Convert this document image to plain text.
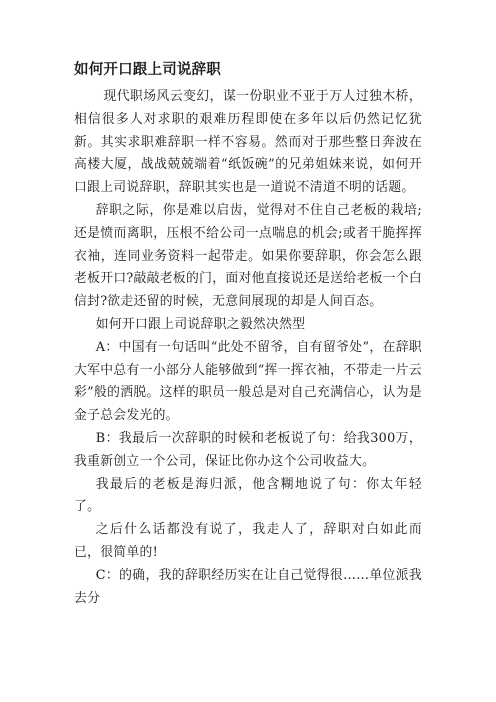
如何开口跟上司说辞职

现代职场风云变幻，谋一份职业不亚于万人过独木桥，相信很多人对求职的艰难历程即使在多年以后仍然记忆犹新。其实求职难辞职一样不容易。然而对于那些整日奔波在高楼大厦，战战兢兢端着“纸饭碗”的兄弟姐妹来说，如何开口跟上司说辞职，辞职其实也是一道说不清道不明的话题。

辞职之际，你是难以启齿，觉得对不住自己老板的栽培;还是愤而离职，压根不给公司一点喘息的机会;或者干脆挥挥衣袖，连同业务资料一起带走。如果你要辞职，你会怎么跟老板开口?敲敲老板的门，面对他直接说还是送给老板一个白信封?欲走还留的时候，无意间展现的却是人间百态。

如何开口跟上司说辞职之毅然决然型

A：中国有一句话叫“此处不留爷，自有留爷处”，在辞职大军中总有一小部分人能够做到“挥一挥衣袖，不带走一片云彩”般的洒脱。这样的职员一般总是对自己充满信心，认为是金子总会发光的。

B：我最后一次辞职的时候和老板说了句：给我300万，我重新创立一个公司，保证比你办这个公司收益大。

我最后的老板是海归派，他含糊地说了句：你太年轻了。

之后什么话都没有说了，我走人了，辞职对白如此而已，很简单的!

C：的确，我的辞职经历实在让自己觉得很……单位派我去分
